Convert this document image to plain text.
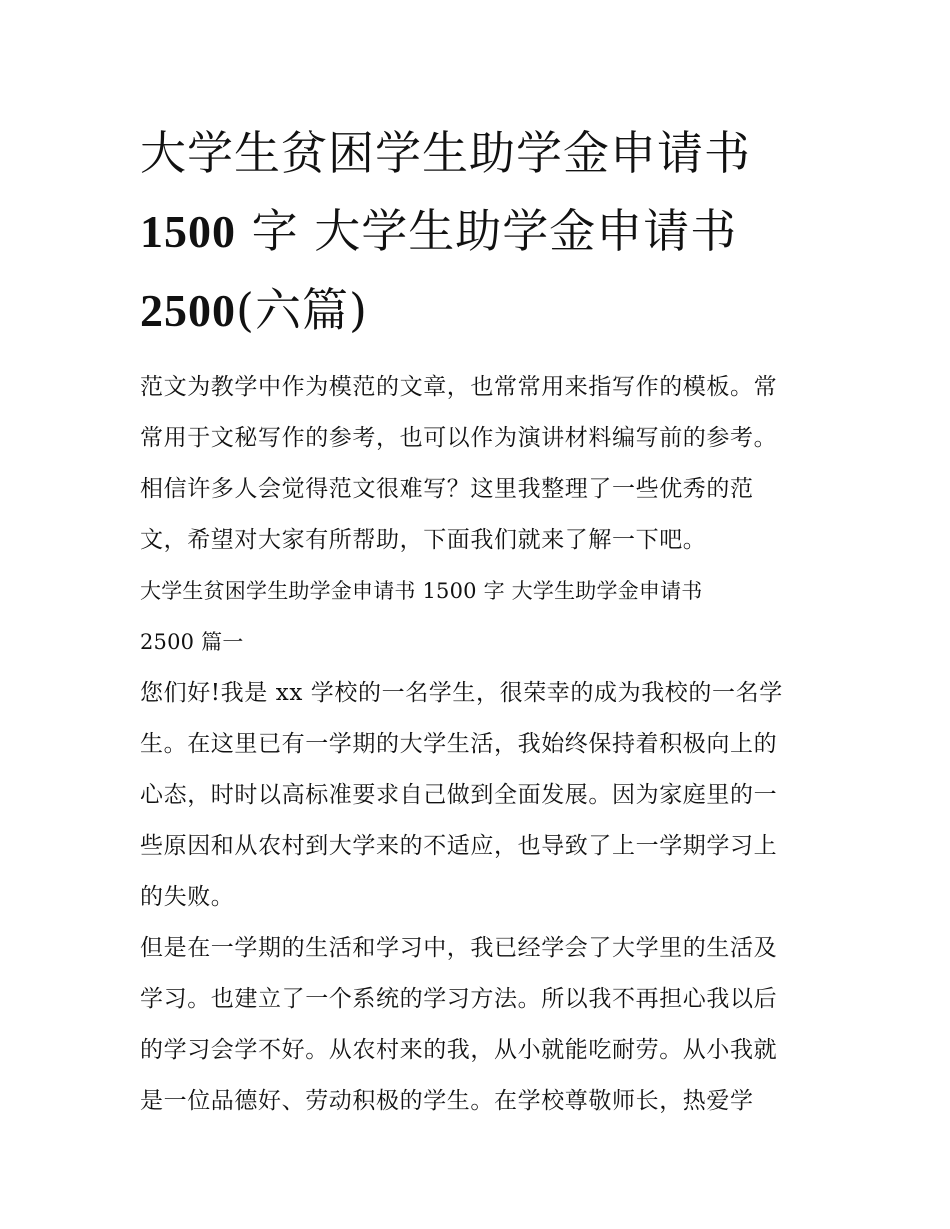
大学生贫困学生助学金申请书
1500 字 大学生助学金申请书
2500(六篇)

范文为教学中作为模范的文章，也常常用来指写作的模板。常
常用于文秘写作的参考，也可以作为演讲材料编写前的参考。
相信许多人会觉得范文很难写？这里我整理了一些优秀的范
文，希望对大家有所帮助，下面我们就来了解一下吧。

大学生贫困学生助学金申请书 1500 字 大学生助学金申请书
2500 篇一

您们好!我是 xx 学校的一名学生，很荣幸的成为我校的一名学
生。在这里已有一学期的大学生活，我始终保持着积极向上的
心态，时时以高标准要求自己做到全面发展。因为家庭里的一
些原因和从农村到大学来的不适应，也导致了上一学期学习上
的失败。

但是在一学期的生活和学习中，我已经学会了大学里的生活及
学习。也建立了一个系统的学习方法。所以我不再担心我以后
的学习会学不好。从农村来的我，从小就能吃耐劳。从小我就
是一位品德好、劳动积极的学生。在学校尊敬师长，热爱学
